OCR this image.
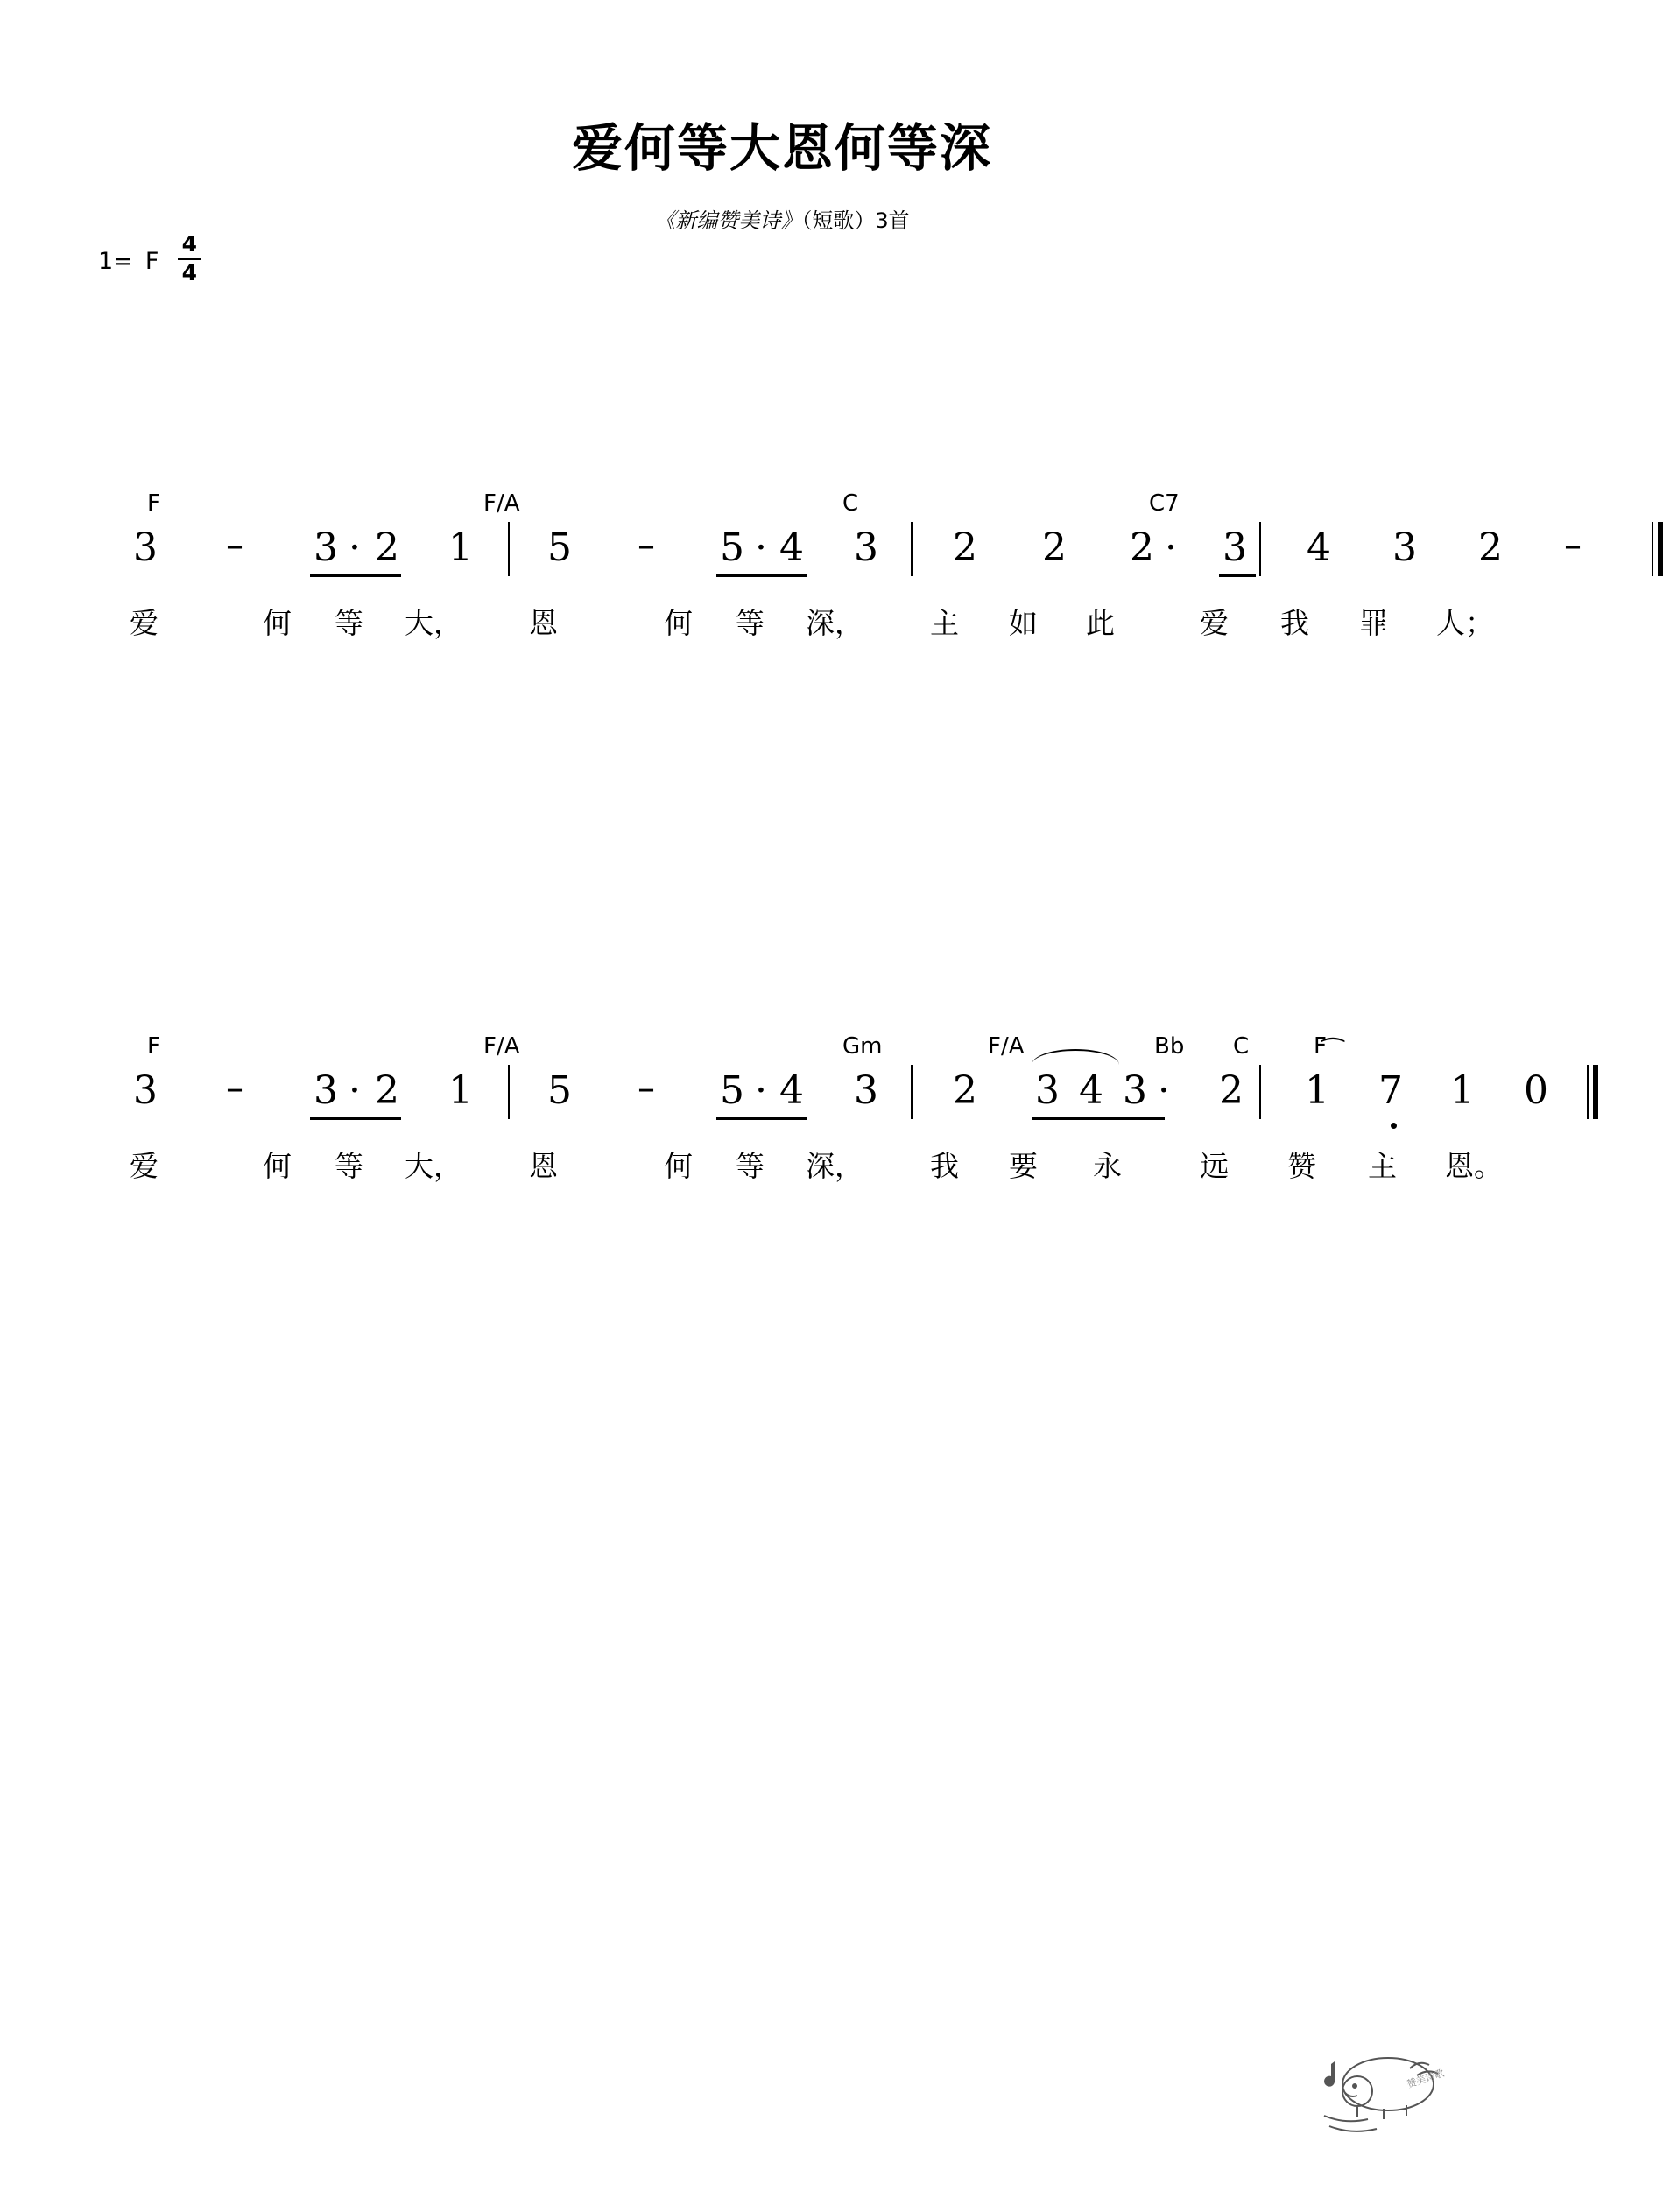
爱何等大恩何等深
《新编赞美诗》（短歌）3首
1= F
4
4
F	F/A	C	C7
3 – 3 · 2 1 5 – 5 · 4 3 2 2 2 · 3 4 3 2 –
爱	何 等 大， 恩	何 等 深， 主 如 此	爱 我 罪 人；
F	F/A	Gm	F/A	Bb C	F
3 – 3 · 2 1 5 – 5 · 4 3 2 3 4 3 · 2 1 7 1 0
⁀
爱	何 等 大， 恩	何 等 深， 我 要 永	远 赞 主 恩。
赞美诗歌
